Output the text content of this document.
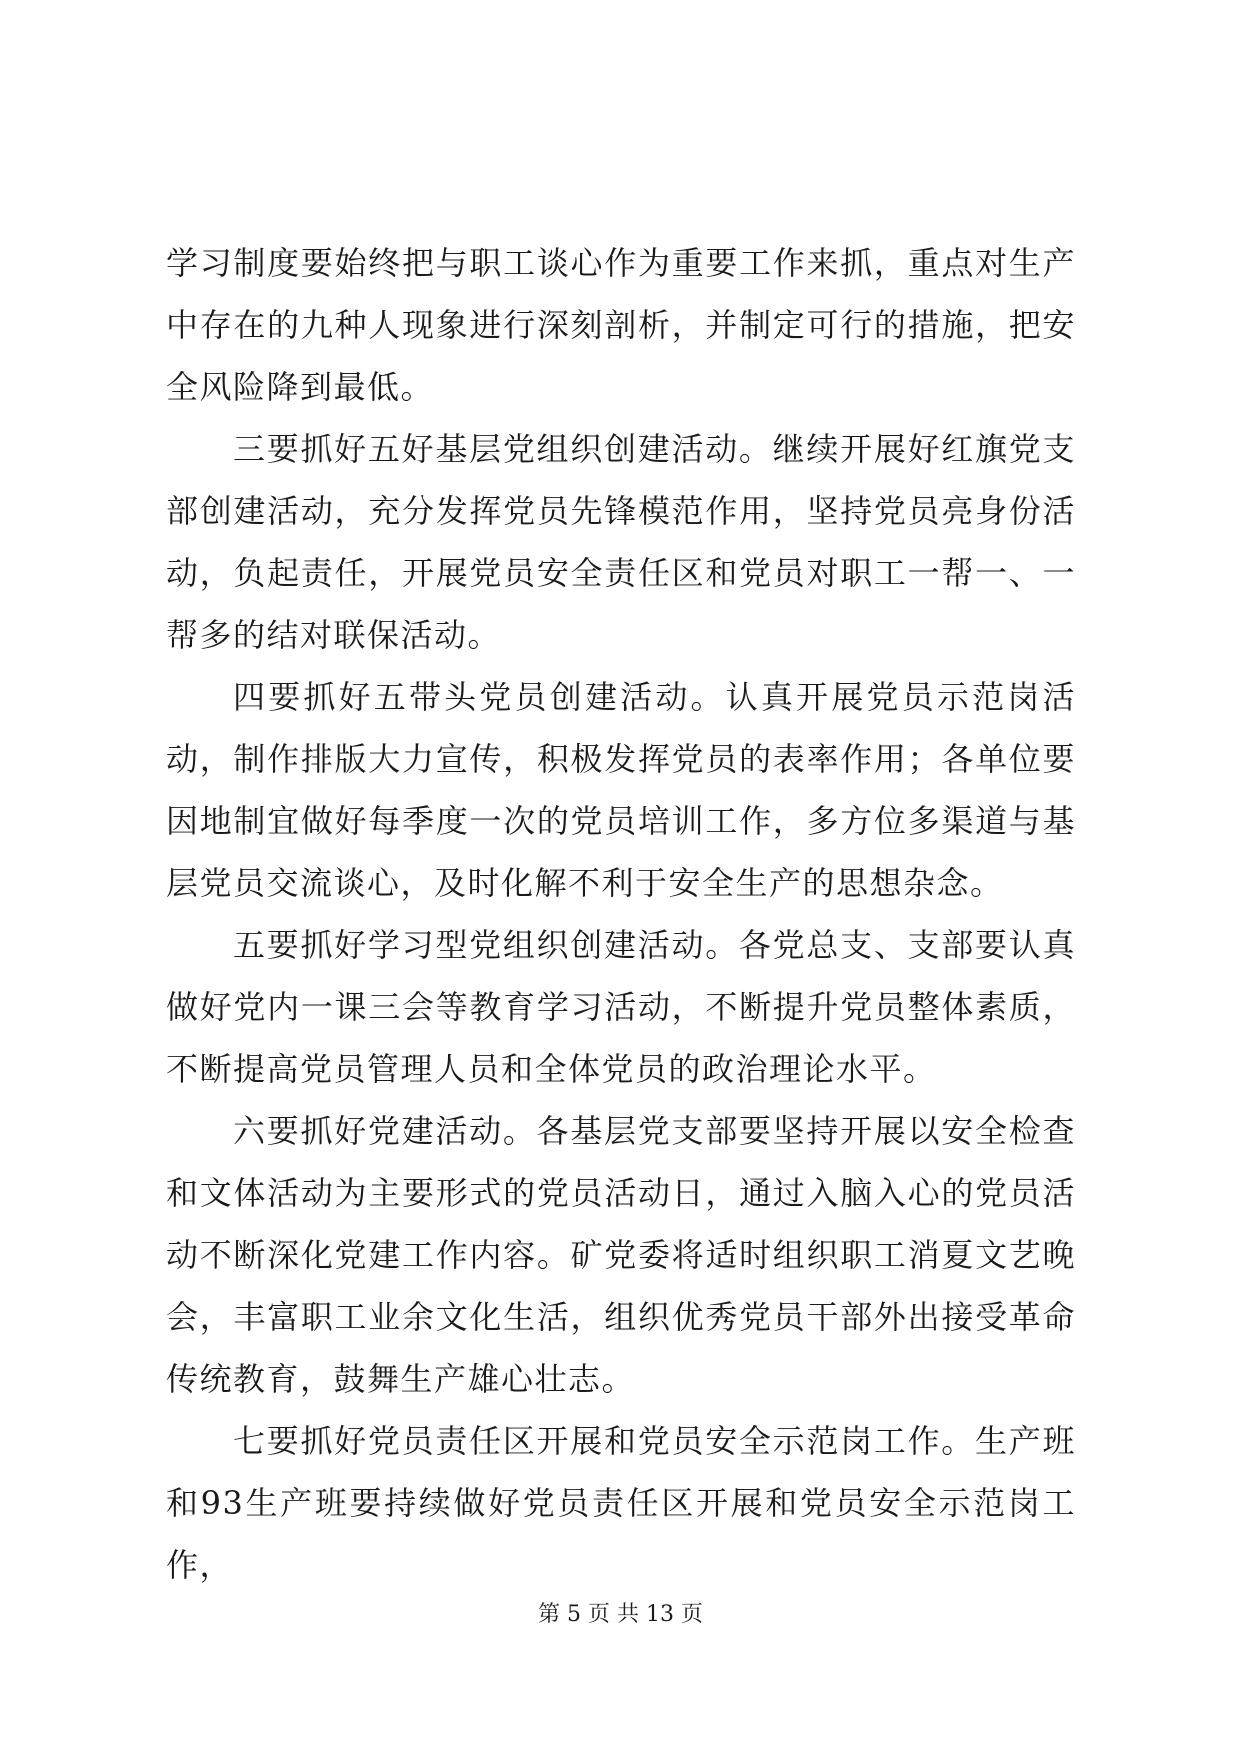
学习制度要始终把与职工谈心作为重要工作来抓，重点对生产中存在的九种人现象进行深刻剖析，并制定可行的措施，把安全风险降到最低。

三要抓好五好基层党组织创建活动。继续开展好红旗党支部创建活动，充分发挥党员先锋模范作用，坚持党员亮身份活动，负起责任，开展党员安全责任区和党员对职工一帮一、一帮多的结对联保活动。

四要抓好五带头党员创建活动。认真开展党员示范岗活动，制作排版大力宣传，积极发挥党员的表率作用；各单位要因地制宜做好每季度一次的党员培训工作，多方位多渠道与基层党员交流谈心，及时化解不利于安全生产的思想杂念。

五要抓好学习型党组织创建活动。各党总支、支部要认真做好党内一课三会等教育学习活动，不断提升党员整体素质，不断提高党员管理人员和全体党员的政治理论水平。

六要抓好党建活动。各基层党支部要坚持开展以安全检查和文体活动为主要形式的党员活动日，通过入脑入心的党员活动不断深化党建工作内容。矿党委将适时组织职工消夏文艺晚会，丰富职工业余文化生活，组织优秀党员干部外出接受革命传统教育，鼓舞生产雄心壮志。

七要抓好党员责任区开展和党员安全示范岗工作。生产班和93生产班要持续做好党员责任区开展和党员安全示范岗工作，

第 5 页 共 13 页
